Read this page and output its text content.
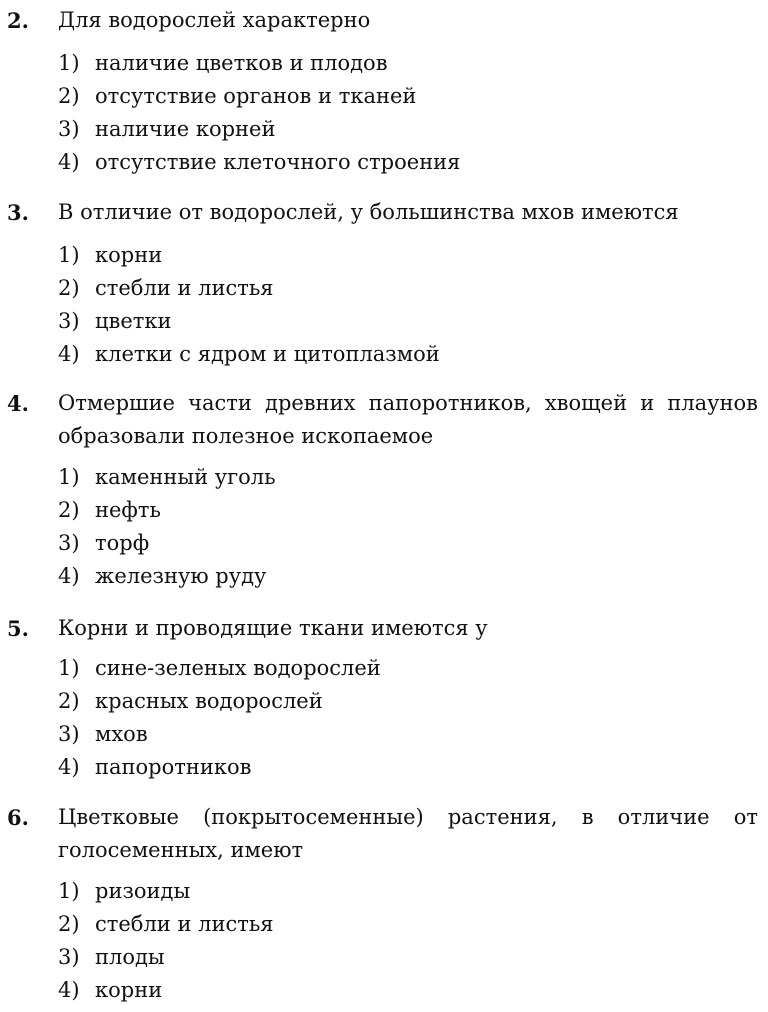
2. Для водорослей характерно
1) наличие цветков и плодов
2) отсутствие органов и тканей
3) наличие корней
4) отсутствие клеточного строения
3. В отличие от водорослей, у большинства мхов имеются
1) корни
2) стебли и листья
3) цветки
4) клетки с ядром и цитоплазмой
4. Отмершие части древних папоротников, хвощей и плаунов образовали полезное ископаемое
1) каменный уголь
2) нефть
3) торф
4) железную руду
5. Корни и проводящие ткани имеются у
1) сине-зеленых водорослей
2) красных водорослей
3) мхов
4) папоротников
6. Цветковые (покрытосеменные) растения, в отличие от голосеменных, имеют
1) ризоиды
2) стебли и листья
3) плоды
4) корни
